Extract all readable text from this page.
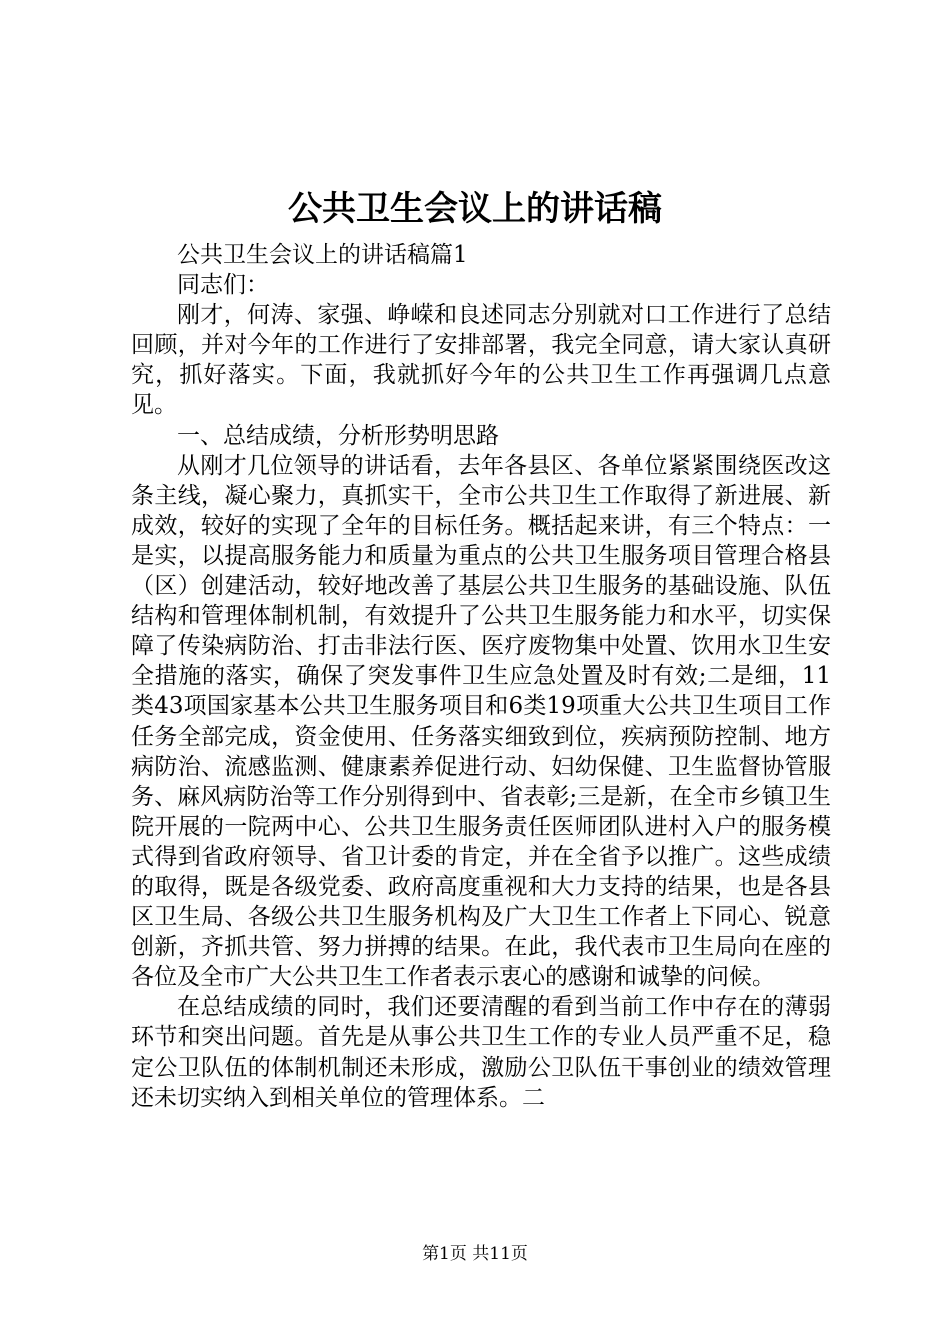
公共卫生会议上的讲话稿

公共卫生会议上的讲话稿篇1

同志们：

刚才，何涛、家强、峥嵘和良述同志分别就对口工作进行了总结回顾，并对今年的工作进行了安排部署，我完全同意，请大家认真研究，抓好落实。下面，我就抓好今年的公共卫生工作再强调几点意见。

一、总结成绩，分析形势明思路

从刚才几位领导的讲话看，去年各县区、各单位紧紧围绕医改这条主线，凝心聚力，真抓实干，全市公共卫生工作取得了新进展、新成效，较好的实现了全年的目标任务。概括起来讲，有三个特点：一是实，以提高服务能力和质量为重点的公共卫生服务项目管理合格县（区）创建活动，较好地改善了基层公共卫生服务的基础设施、队伍结构和管理体制机制，有效提升了公共卫生服务能力和水平，切实保障了传染病防治、打击非法行医、医疗废物集中处置、饮用水卫生安全措施的落实，确保了突发事件卫生应急处置及时有效;二是细，11类43项国家基本公共卫生服务项目和6类19项重大公共卫生项目工作任务全部完成，资金使用、任务落实细致到位，疾病预防控制、地方病防治、流感监测、健康素养促进行动、妇幼保健、卫生监督协管服务、麻风病防治等工作分别得到中、省表彰;三是新，在全市乡镇卫生院开展的一院两中心、公共卫生服务责任医师团队进村入户的服务模式得到省政府领导、省卫计委的肯定，并在全省予以推广。这些成绩的取得，既是各级党委、政府高度重视和大力支持的结果，也是各县区卫生局、各级公共卫生服务机构及广大卫生工作者上下同心、锐意创新，齐抓共管、努力拼搏的结果。在此，我代表市卫生局向在座的各位及全市广大公共卫生工作者表示衷心的感谢和诚挚的问候。

在总结成绩的同时，我们还要清醒的看到当前工作中存在的薄弱环节和突出问题。首先是从事公共卫生工作的专业人员严重不足，稳定公卫队伍的体制机制还未形成，激励公卫队伍干事创业的绩效管理还未切实纳入到相关单位的管理体系。二

第1页 共11页
